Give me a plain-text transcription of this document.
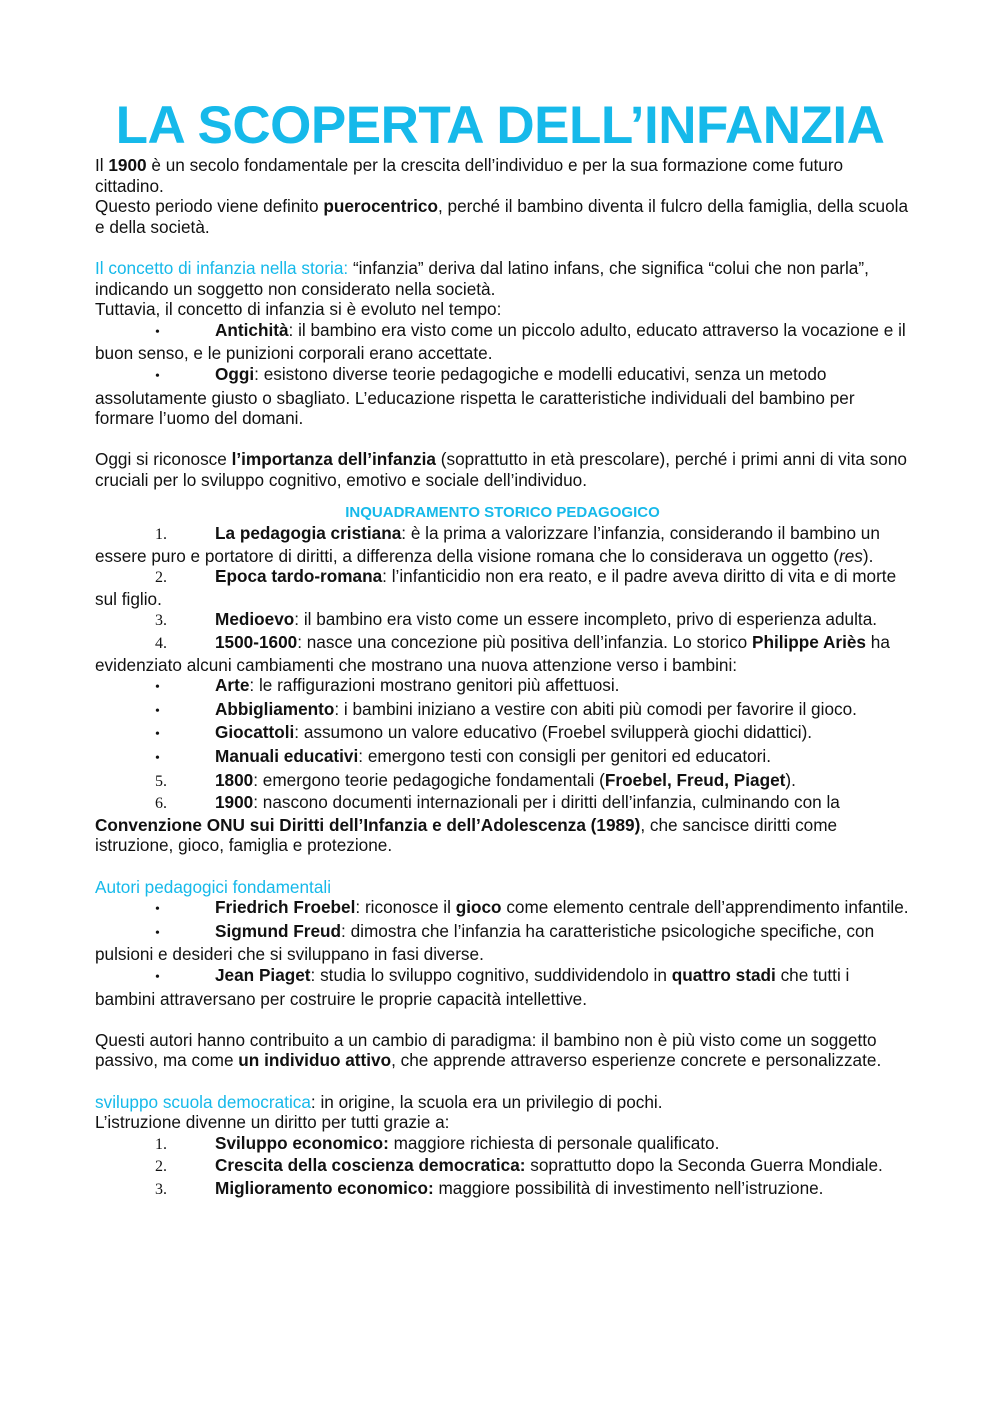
LA SCOPERTA DELL’INFANZIA

Il 1900 è un secolo fondamentale per la crescita dell’individuo e per la sua formazione come futuro cittadino.

Questo periodo viene definito puerocentrico, perché il bambino diventa il fulcro della famiglia, della scuola e della società.

Il concetto di infanzia nella storia: “infanzia” deriva dal latino infans, che significa “colui che non parla”, indicando un soggetto non considerato nella società.

Tuttavia, il concetto di infanzia si è evoluto nel tempo:

•	Antichità: il bambino era visto come un piccolo adulto, educato attraverso la vocazione e il buon senso, e le punizioni corporali erano accettate.

•	Oggi: esistono diverse teorie pedagogiche e modelli educativi, senza un metodo assolutamente giusto o sbagliato. L’educazione rispetta le caratteristiche individuali del bambino per formare l’uomo del domani.

Oggi si riconosce l’importanza dell’infanzia (soprattutto in età prescolare), perché i primi anni di vita sono cruciali per lo sviluppo cognitivo, emotivo e sociale dell’individuo.

INQUADRAMENTO STORICO PEDAGOGICO

1.	La pedagogia cristiana: è la prima a valorizzare l’infanzia, considerando il bambino un essere puro e portatore di diritti, a differenza della visione romana che lo considerava un oggetto (res).

2.	Epoca tardo-romana: l’infanticidio non era reato, e il padre aveva diritto di vita e di morte sul figlio.

3.	Medioevo: il bambino era visto come un essere incompleto, privo di esperienza adulta.

4.	1500-1600: nasce una concezione più positiva dell’infanzia. Lo storico Philippe Ariès ha evidenziato alcuni cambiamenti che mostrano una nuova attenzione verso i bambini:

•	Arte: le raffigurazioni mostrano genitori più affettuosi.

•	Abbigliamento: i bambini iniziano a vestire con abiti più comodi per favorire il gioco.

•	Giocattoli: assumono un valore educativo (Froebel svilupperà giochi didattici).

•	Manuali educativi: emergono testi con consigli per genitori ed educatori.

5.	1800: emergono teorie pedagogiche fondamentali (Froebel, Freud, Piaget).

6.	1900: nascono documenti internazionali per i diritti dell’infanzia, culminando con la Convenzione ONU sui Diritti dell’Infanzia e dell’Adolescenza (1989), che sancisce diritti come istruzione, gioco, famiglia e protezione.

Autori pedagogici fondamentali

•	Friedrich Froebel: riconosce il gioco come elemento centrale dell’apprendimento infantile.

•	Sigmund Freud: dimostra che l’infanzia ha caratteristiche psicologiche specifiche, con pulsioni e desideri che si sviluppano in fasi diverse.

•	Jean Piaget: studia lo sviluppo cognitivo, suddividendolo in quattro stadi che tutti i bambini attraversano per costruire le proprie capacità intellettive.

Questi autori hanno contribuito a un cambio di paradigma: il bambino non è più visto come un soggetto passivo, ma come un individuo attivo, che apprende attraverso esperienze concrete e personalizzate.

sviluppo scuola democratica: in origine, la scuola era un privilegio di pochi.

L’istruzione divenne un diritto per tutti grazie a:

1.	Sviluppo economico: maggiore richiesta di personale qualificato.

2.	Crescita della coscienza democratica: soprattutto dopo la Seconda Guerra Mondiale.

3.	Miglioramento economico: maggiore possibilità di investimento nell’istruzione.
